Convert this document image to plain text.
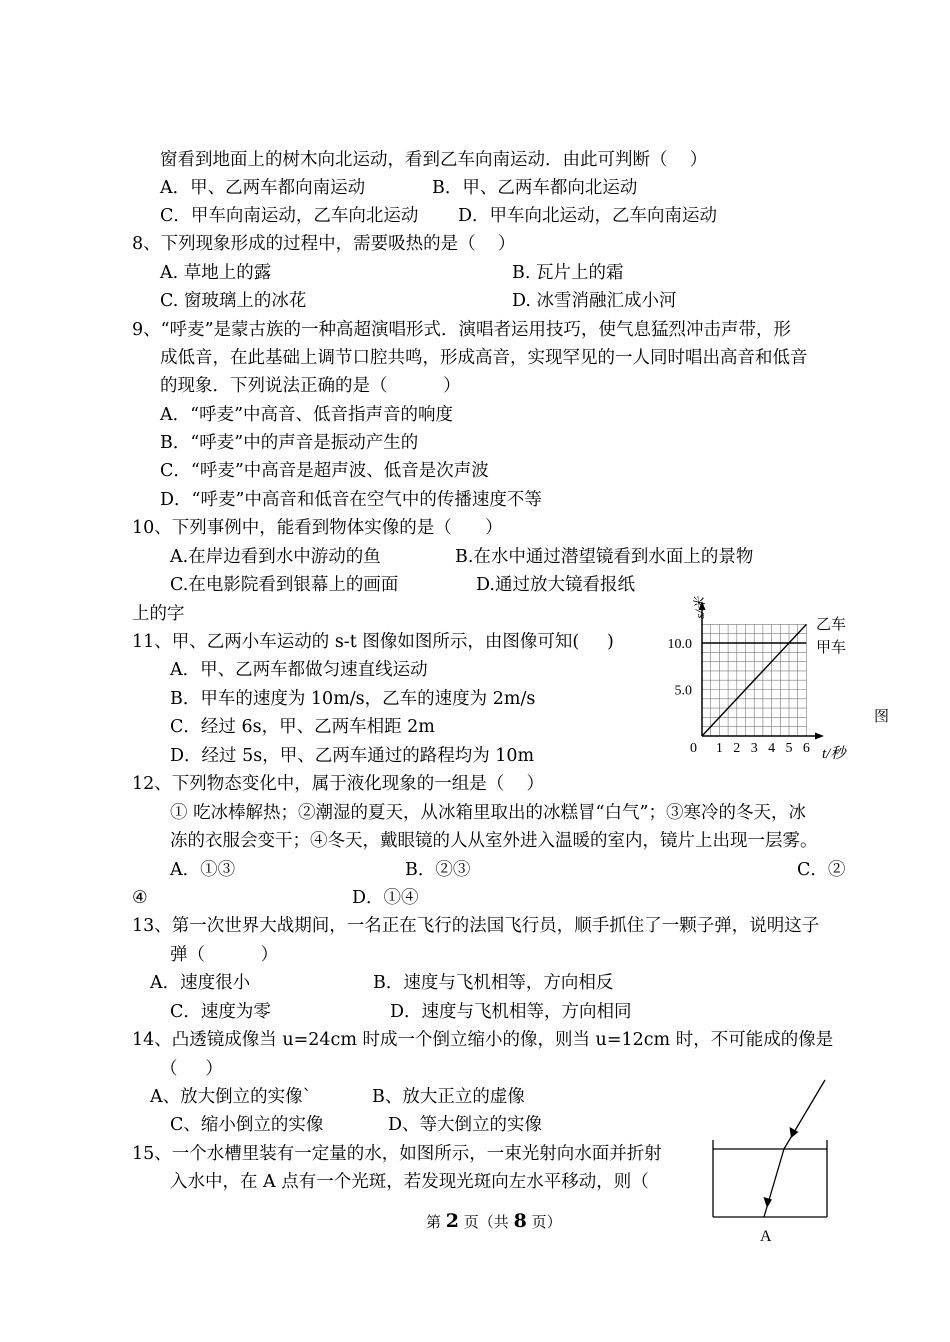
窗看到地面上的树木向北运动，看到乙车向南运动．由此可判断（    ）
A．甲、乙两车都向南运动	B．甲、乙两车都向北运动
C．甲车向南运动，乙车向北运动 D．甲车向北运动，乙车向南运动
8、下列现象形成的过程中，需要吸热的是（    ）
A. 草地上的露	B. 瓦片上的霜
C. 窗玻璃上的冰花	D. 冰雪消融汇成小河
9、“呼麦”是蒙古族的一种高超演唱形式．演唱者运用技巧，使气息猛烈冲击声带，形
成低音，在此基础上调节口腔共鸣，形成高音，实现罕见的一人同时唱出高音和低音
的现象．下列说法正确的是（          ）
A．“呼麦”中高音、低音指声音的响度
B．“呼麦”中的声音是振动产生的
C．“呼麦”中高音是超声波、低音是次声波
D．“呼麦”中高音和低音在空气中的传播速度不等
10、下列事例中，能看到物体实像的是（      ）
A.在岸边看到水中游动的鱼	B.在水中通过潜望镜看到水面上的景物
C.在电影院看到银幕上的画面	D.通过放大镜看报纸
上的字
11、甲、乙两小车运动的 s-t 图像如图所示，由图像可知(     )
A．甲、乙两车都做匀速直线运动
B．甲车的速度为 10m/s，乙车的速度为 2m/s
C．经过 6s，甲、乙两车相距 2m
D．经过 5s，甲、乙两车通过的路程均为 10m
12、下列物态变化中，属于液化现象的一组是（    ）
① 吃冰棒解热；②潮湿的夏天，从冰箱里取出的冰糕冒“白气”；③寒冷的冬天，冰
冻的衣服会变干；④冬天，戴眼镜的人从室外进入温暖的室内，镜片上出现一层雾。
A．①③	B．②③	C．②
④	D．①④
13、第一次世界大战期间，一名正在飞行的法国飞行员，顺手抓住了一颗子弹，说明这子
弹（          ）
A．速度很小	B．速度与飞机相等，方向相反
C．速度为零	D．速度与飞机相等，方向相同
14、凸透镜成像当 u=24cm 时成一个倒立缩小的像，则当 u=12cm 时，不可能成的像是
（     ）
A、放大倒立的实像`	B、放大正立的虚像
C、缩小倒立的实像	D、等大倒立的实像
15、一个水槽里装有一定量的水，如图所示，一束光射向水面并折射
入水中，在 A 点有一个光斑，若发现光斑向左水平移动，则（
第 2 页（共 8 页）
1 2 3 4 5 6
5.0
10.0
0
s/米
t/秒
乙车
甲车
图
A
